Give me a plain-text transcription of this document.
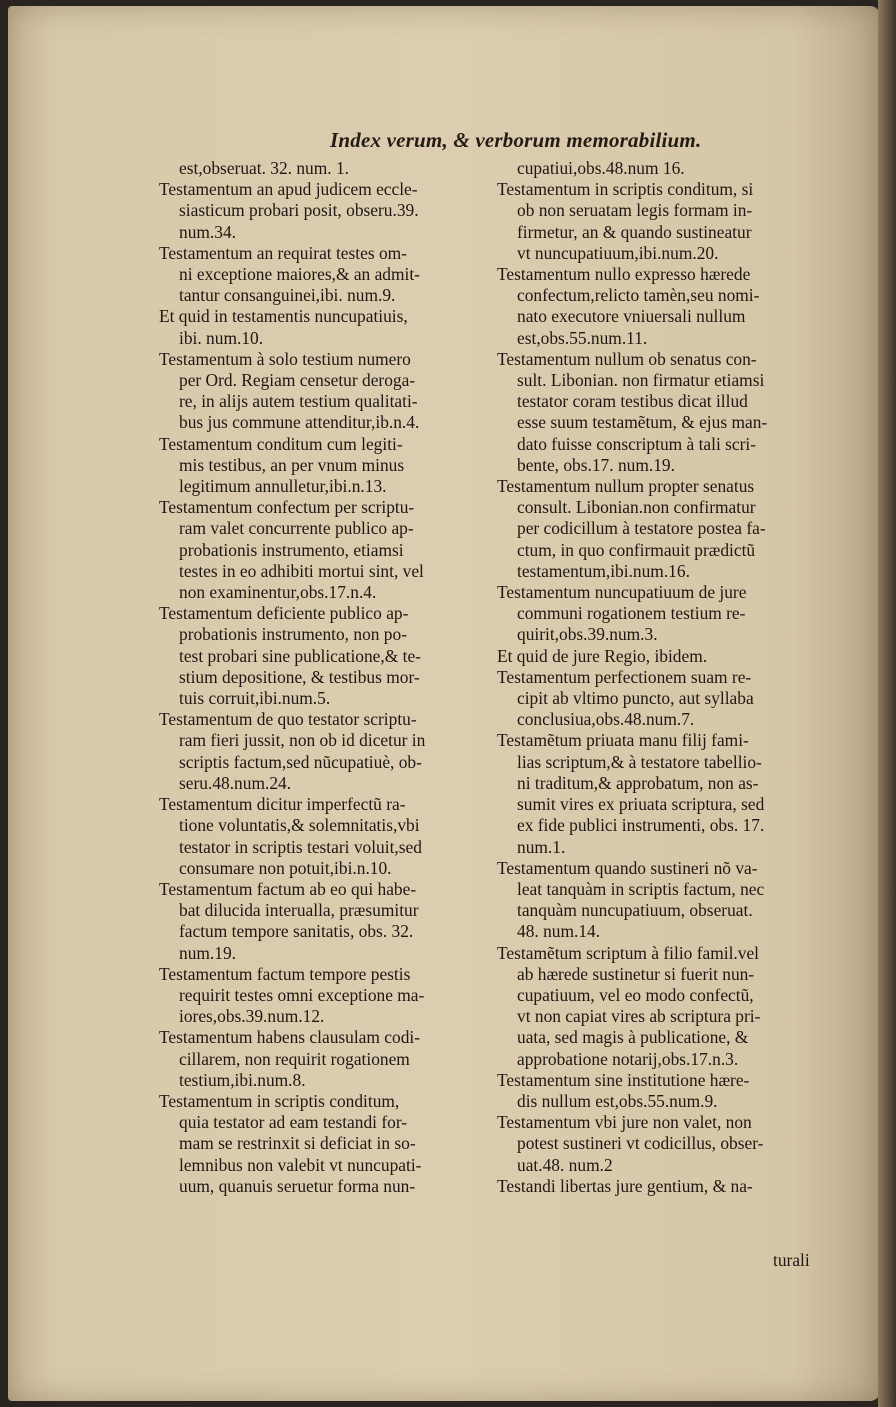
Index verum, & verborum memorabilium.
est,obseruat. 32. num. 1.
Testamentum an apud judicem eccle-
siasticum probari posit, obseru.39.
num.34.
Testamentum an requirat testes om-
ni exceptione maiores,& an admit-
tantur consanguinei,ibi. num.9.
Et quid in testamentis nuncupatiuis,
ibi. num.10.
Testamentum à solo testium numero
per Ord. Regiam censetur deroga-
re, in alijs autem testium qualitati-
bus jus commune attenditur,ib.n.4.
Testamentum conditum cum legiti-
mis testibus, an per vnum minus
legitimum annulletur,ibi.n.13.
Testamentum confectum per scriptu-
ram valet concurrente publico ap-
probationis instrumento, etiamsi
testes in eo adhibiti mortui sint, vel
non examinentur,obs.17.n.4.
Testamentum deficiente publico ap-
probationis instrumento, non po-
test probari sine publicatione,& te-
stium depositione, & testibus mor-
tuis corruit,ibi.num.5.
Testamentum de quo testator scriptu-
ram fieri jussit, non ob id dicetur in
scriptis factum,sed nũcupatiuè, ob-
seru.48.num.24.
Testamentum dicitur imperfectũ ra-
tione voluntatis,& solemnitatis,vbi
testator in scriptis testari voluit,sed
consumare non potuit,ibi.n.10.
Testamentum factum ab eo qui habe-
bat dilucida interualla, præsumitur
factum tempore sanitatis, obs. 32.
num.19.
Testamentum factum tempore pestis
requirit testes omni exceptione ma-
iores,obs.39.num.12.
Testamentum habens clausulam codi-
cillarem, non requirit rogationem
testium,ibi.num.8.
Testamentum in scriptis conditum,
quia testator ad eam testandi for-
mam se restrinxit si deficiat in so-
lemnibus non valebit vt nuncupati-
uum, quanuis seruetur forma nun-
cupatiui,obs.48.num 16.
Testamentum in scriptis conditum, si
ob non seruatam legis formam in-
firmetur, an & quando sustineatur
vt nuncupatiuum,ibi.num.20.
Testamentum nullo expresso hærede
confectum,relicto tamèn,seu nomi-
nato executore vniuersali nullum
est,obs.55.num.11.
Testamentum nullum ob senatus con-
sult. Libonian. non firmatur etiamsi
testator coram testibus dicat illud
esse suum testamẽtum, & ejus man-
dato fuisse conscriptum à tali scri-
bente, obs.17. num.19.
Testamentum nullum propter senatus
consult. Libonian.non confirmatur
per codicillum à testatore postea fa-
ctum, in quo confirmauit prædictũ
testamentum,ibi.num.16.
Testamentum nuncupatiuum de jure
communi rogationem testium re-
quirit,obs.39.num.3.
Et quid de jure Regio, ibidem.
Testamentum perfectionem suam re-
cipit ab vltimo puncto, aut syllaba
conclusiua,obs.48.num.7.
Testamẽtum priuata manu filij fami-
lias scriptum,& à testatore tabellio-
ni traditum,& approbatum, non as-
sumit vires ex priuata scriptura, sed
ex fide publici instrumenti, obs. 17.
num.1.
Testamentum quando sustineri nõ va-
leat tanquàm in scriptis factum, nec
tanquàm nuncupatiuum, obseruat.
48. num.14.
Testamẽtum scriptum à filio famil.vel
ab hærede sustinetur si fuerit nun-
cupatiuum, vel eo modo confectũ,
vt non capiat vires ab scriptura pri-
uata, sed magis à publicatione, &
approbatione notarij,obs.17.n.3.
Testamentum sine institutione hære-
dis nullum est,obs.55.num.9.
Testamentum vbi jure non valet, non
potest sustineri vt codicillus, obser-
uat.48. num.2
Testandi libertas jure gentium, & na-
turali
